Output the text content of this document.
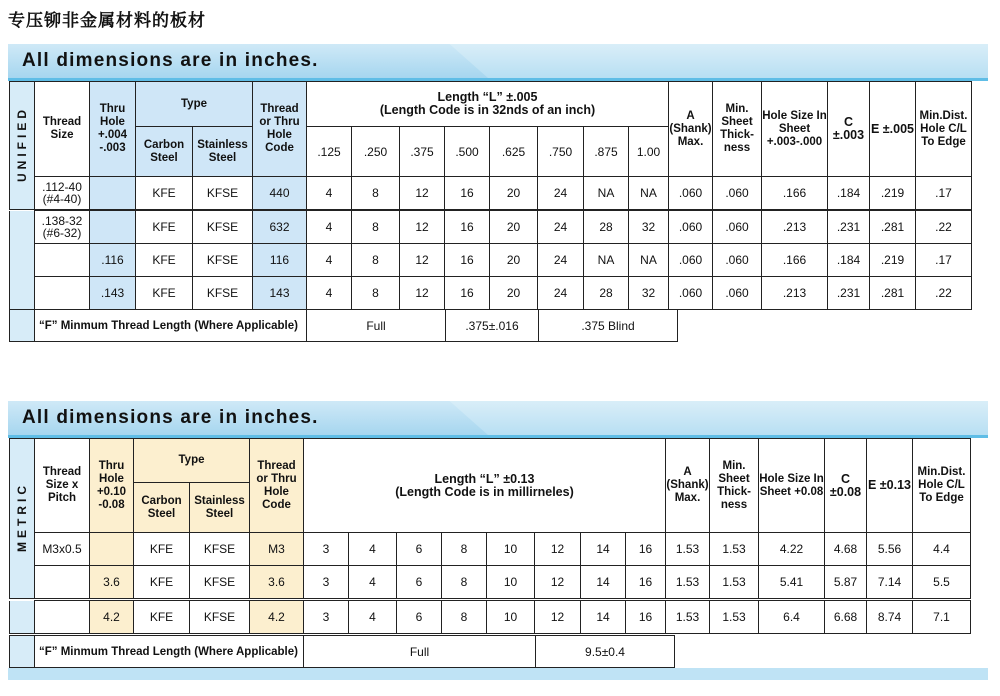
专压铆非金属材料的板材
All dimensions are in inches.
UNIFIED	Thread Size	Thru Hole +.004 -.003	Type		Thread or Thru Hole Code	Length “L” ±.005
(Length Code is in 32nds of an inch)								A (Shank) Max.	Min. Sheet Thick-ness	Hole Size In Sheet +.003-.000	C ±.003	E ±.005	Min.Dist. Hole C/L To Edge
			Carbon Steel	Stainless Steel		.125	.250	.375	.500	.625	.750	.875	1.00						
	.112-40 (#4-40)		KFE	KFSE	440	4	8	12	16	20	24	NA	NA	.060	.060	.166	.184	.219	.17
	.138-32 (#6-32)		KFE	KFSE	632	4	8	12	16	20	24	28	32	.060	.060	.213	.231	.281	.22
		.116	KFE	KFSE	116	4	8	12	16	20	24	NA	NA	.060	.060	.166	.184	.219	.17
		.143	KFE	KFSE	143	4	8	12	16	20	24	28	32	.060	.060	.213	.231	.281	.22
	“F” Minmum Thread Length (Where Applicable)	Full	.375±.016	.375 Blind
All dimensions are in inches.
METRIC	Thread Size x Pitch	Thru Hole +0.10 -0.08	Type		Thread or Thru Hole Code	Length “L” ±0.13
(Length Code is in millirneles)								A (Shank) Max.	Min. Sheet Thick-ness	Hole Size In Sheet +0.08	C ±0.08	E ±0.13	Min.Dist. Hole C/L To Edge
			Carbon Steel	Stainless Steel															
	M3x0.5		KFE	KFSE	M3	3	4	6	8	10	12	14	16	1.53	1.53	4.22	4.68	5.56	4.4
		3.6	KFE	KFSE	3.6	3	4	6	8	10	12	14	16	1.53	1.53	5.41	5.87	7.14	5.5
		4.2	KFE	KFSE	4.2	3	4	6	8	10	12	14	16	1.53	1.53	6.4	6.68	8.74	7.1
	“F” Minmum Thread Length (Where Applicable)	Full	9.5±0.4
